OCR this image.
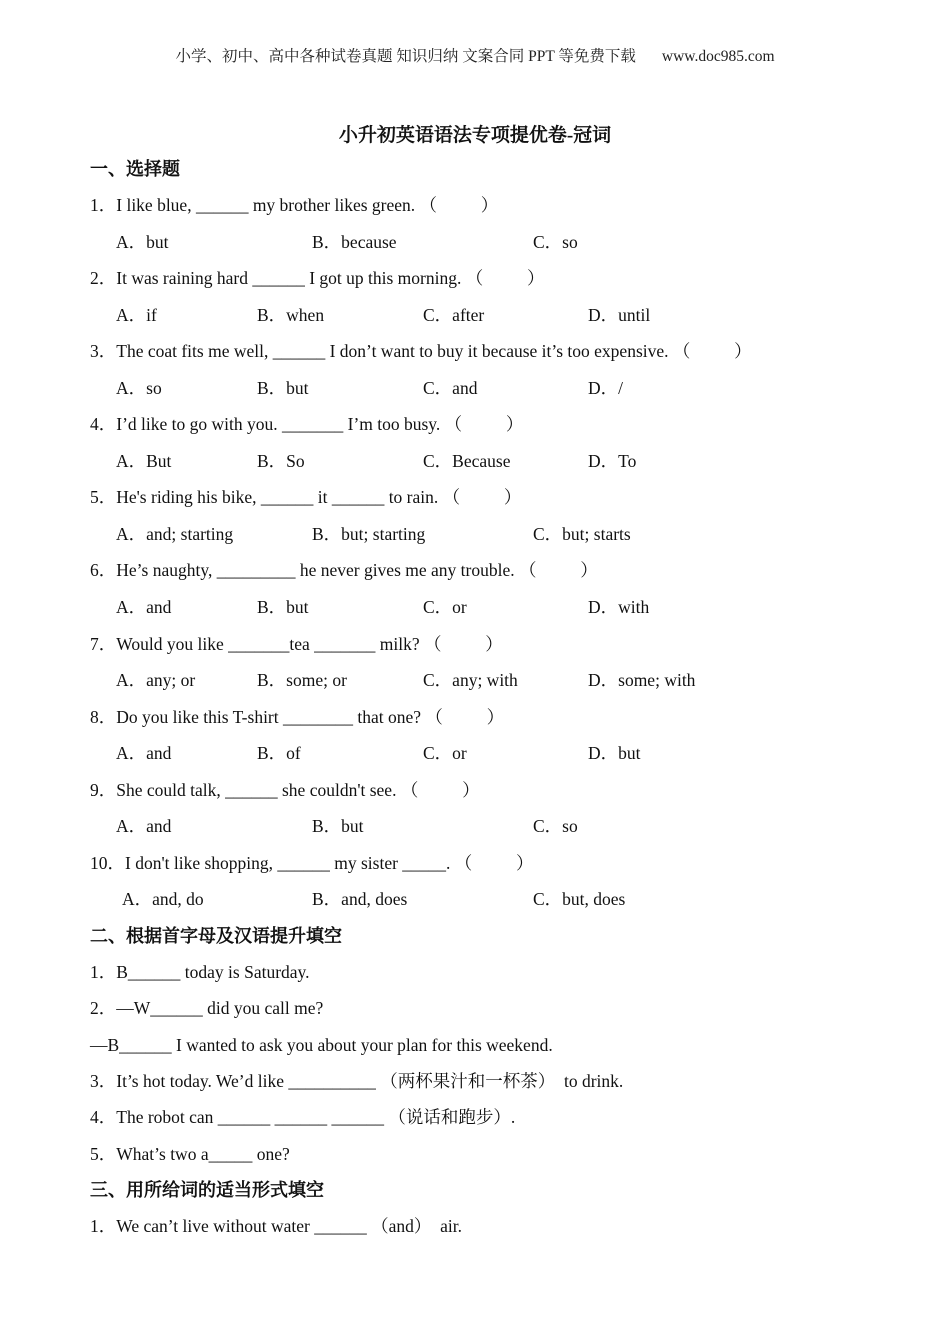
小学、初中、高中各种试卷真题 知识归纳 文案合同 PPT 等免费下载 www.doc985.com
小升初英语语法专项提优卷-冠词
一、选择题
1．I like blue, ______ my brother likes green. （          ）
A．but	B．because	C．so
2．It was raining hard ______ I got up this morning. （          ）
A．if	B．when	C．after	D．until
3．The coat fits me well, ______ I don’t want to buy it because it’s too expensive. （          ）
A．so	B．but	C．and	D．/
4．I’d like to go with you. _______ I’m too busy. （          ）
A．But	B．So	C．Because	D．To
5．He's riding his bike, ______ it ______ to rain. （          ）
A．and; starting	B．but; starting	C．but; starts
6．He’s naughty, _________ he never gives me any trouble. （          ）
A．and	B．but	C．or	D．with
7．Would you like _______tea _______ milk? （          ）
A．any; or	B．some; or	C．any; with	D．some; with
8．Do you like this T-shirt ________ that one? （          ）
A．and	B．of	C．or	D．but
9．She could talk, ______ she couldn't see. （          ）
A．and	B．but	C．so
10．I don't like shopping, ______ my sister _____. （          ）
A．and, do	B．and, does	C．but, does
二、根据首字母及汉语提升填空
1．B______ today is Saturday.
2．—W______ did you call me?
—B______ I wanted to ask you about your plan for this weekend.
3．It’s hot today. We’d like __________ （两杯果汁和一杯茶）  to drink.
4．The robot can ______ ______ ______ （说话和跑步）.
5．What’s two a_____ one?
三、用所给词的适当形式填空
1．We can’t live without water ______ （and）  air.
